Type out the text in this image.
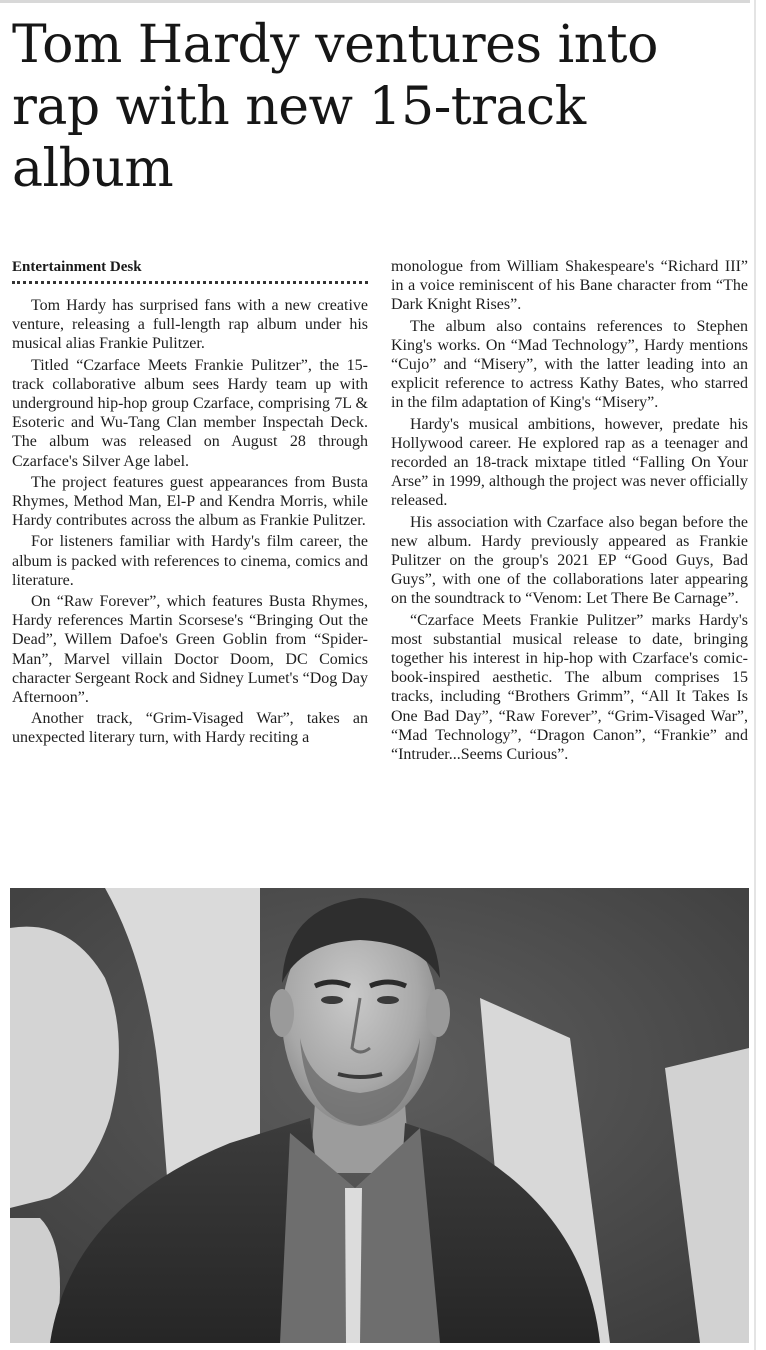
Tom Hardy ventures into rap with new 15-track album
Entertainment Desk

Tom Hardy has surprised fans with a new creative venture, releasing a full-length rap album under his musical alias Frankie Pulitzer.

Titled “Czarface Meets Frankie Pulitzer”, the 15-track collaborative album sees Hardy team up with underground hip-hop group Czarface, comprising 7L & Esoteric and Wu-Tang Clan member Inspectah Deck. The album was released on August 28 through Czarface's Silver Age label.

The project features guest appearances from Busta Rhymes, Method Man, El-P and Kendra Morris, while Hardy contributes across the album as Frankie Pulitzer.

For listeners familiar with Hardy's film career, the album is packed with references to cinema, comics and literature.

On “Raw Forever”, which features Busta Rhymes, Hardy references Martin Scorsese's “Bringing Out the Dead”, Willem Dafoe's Green Goblin from “Spider-Man”, Marvel villain Doctor Doom, DC Comics character Sergeant Rock and Sidney Lumet's “Dog Day Afternoon”.

Another track, “Grim-Visaged War”, takes an unexpected literary turn, with Hardy reciting a

monologue from William Shakespeare's “Richard III” in a voice reminiscent of his Bane character from “The Dark Knight Rises”.

The album also contains references to Stephen King's works. On “Mad Technology”, Hardy mentions “Cujo” and “Misery”, with the latter leading into an explicit reference to actress Kathy Bates, who starred in the film adaptation of King's “Misery”.

Hardy's musical ambitions, however, predate his Hollywood career. He explored rap as a teenager and recorded an 18-track mixtape titled “Falling On Your Arse” in 1999, although the project was never officially released.

His association with Czarface also began before the new album. Hardy previously appeared as Frankie Pulitzer on the group's 2021 EP “Good Guys, Bad Guys”, with one of the collaborations later appearing on the soundtrack to “Venom: Let There Be Carnage”.

“Czarface Meets Frankie Pulitzer” marks Hardy's most substantial musical release to date, bringing together his interest in hip-hop with Czarface's comic-book-inspired aesthetic. The album comprises 15 tracks, including “Brothers Grimm”, “All It Takes Is One Bad Day”, “Raw Forever”, “Grim-Visaged War”, “Mad Technology”, “Dragon Canon”, “Frankie” and “Intruder...Seems Curious”.
